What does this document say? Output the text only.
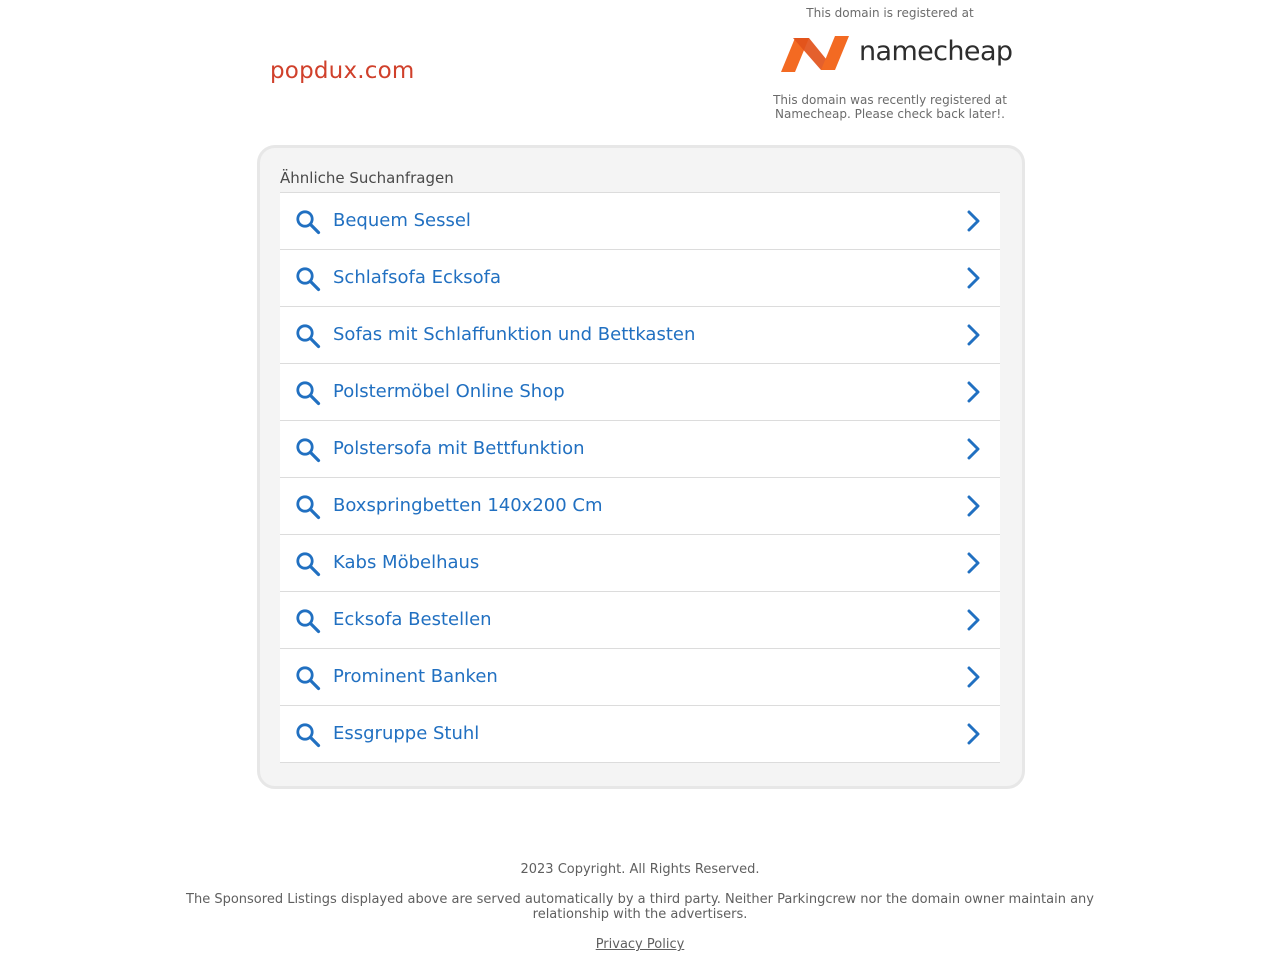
popdux.com
This domain is registered at
namecheap
This domain was recently registered at
Namecheap. Please check back later!.
Ähnliche Suchanfragen
Bequem Sessel
Schlafsofa Ecksofa
Sofas mit Schlaffunktion und Bettkasten
Polstermöbel Online Shop
Polstersofa mit Bettfunktion
Boxspringbetten 140x200 Cm
Kabs Möbelhaus
Ecksofa Bestellen
Prominent Banken
Essgruppe Stuhl
2023 Copyright. All Rights Reserved.
The Sponsored Listings displayed above are served automatically by a third party. Neither Parkingcrew nor the domain owner maintain any relationship with the advertisers.
Privacy Policy
